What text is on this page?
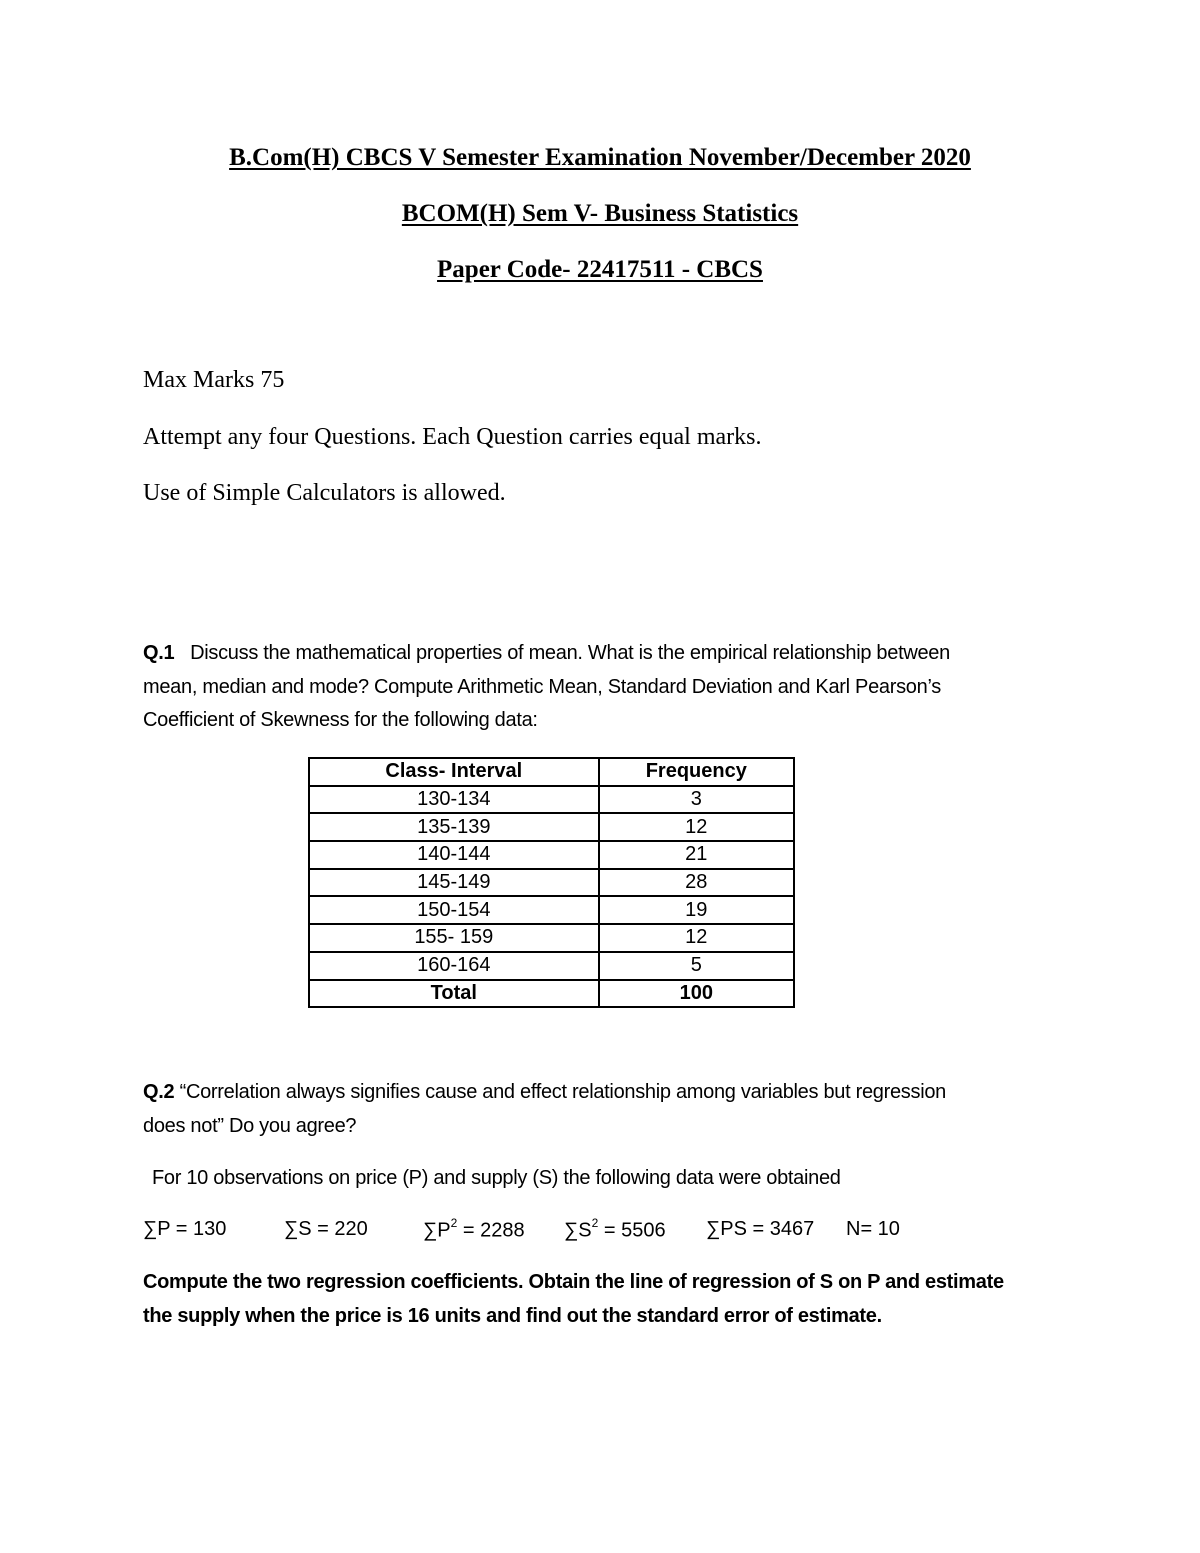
B.Com(H) CBCS V Semester Examination November/December 2020

BCOM(H) Sem V- Business Statistics

Paper Code- 22417511 - CBCS

Max Marks 75

Attempt any four Questions. Each Question carries equal marks.

Use of Simple Calculators is allowed.

Q.1 Discuss the mathematical properties of mean. What is the empirical relationship between

mean, median and mode? Compute Arithmetic Mean, Standard Deviation and Karl Pearson’s

Coefficient of Skewness for the following data:

Class- Interval	Frequency
130-134	3
135-139	12
140-144	21
145-149	28
150-154	19
155- 159	12
160-164	5
Total	100

Q.2 “Correlation always signifies cause and effect relationship among variables but regression

does not” Do you agree?

For 10 observations on price (P) and supply (S) the following data were obtained

∑P = 130	∑S = 220	$\sum P^2 = 2288$ $\sum S^2 = 5506$ ∑PS = 3467 N= 10

Compute the two regression coefficients. Obtain the line of regression of S on P and estimate

the supply when the price is 16 units and find out the standard error of estimate.
